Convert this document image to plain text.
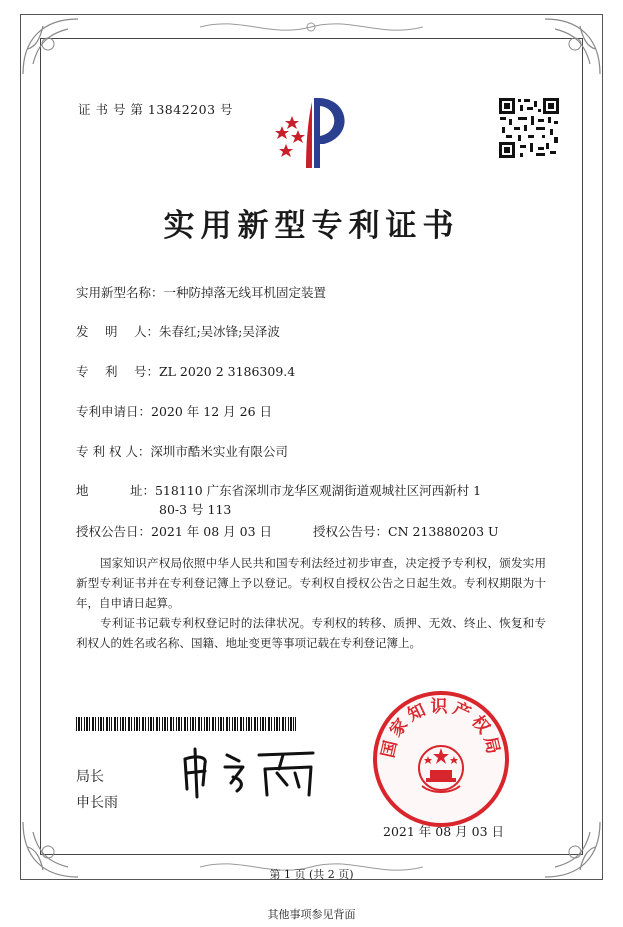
证 书 号 第 13842203 号
实用新型专利证书
实用新型名称：一种防掉落无线耳机固定装置
发　 明　 人：朱春红;吴冰锋;吴泽波
专　 利　 号：ZL 2020 2 3186309.4
专利申请日：2020 年 12 月 26 日
专 利 权 人：深圳市酷米实业有限公司
地　　　 址：518110 广东省深圳市龙华区观湖街道观城社区河西新村 1
80-3 号 113
授权公告日：2021 年 08 月 03 日	授权公告号：CN 213880203 U
国家知识产权局依照中华人民共和国专利法经过初步审查，决定授予专利权，颁发实用新型专利证书并在专利登记簿上予以登记。专利权自授权公告之日起生效。专利权期限为十年，自申请日起算。
专利证书记载专利权登记时的法律状况。专利权的转移、质押、无效、终止、恢复和专利权人的姓名或名称、国籍、地址变更等事项记载在专利登记簿上。
局长
申长雨
国家知识产权局
2021 年 08 月 03 日
第 1 页 (共 2 页)
其他事项参见背面
